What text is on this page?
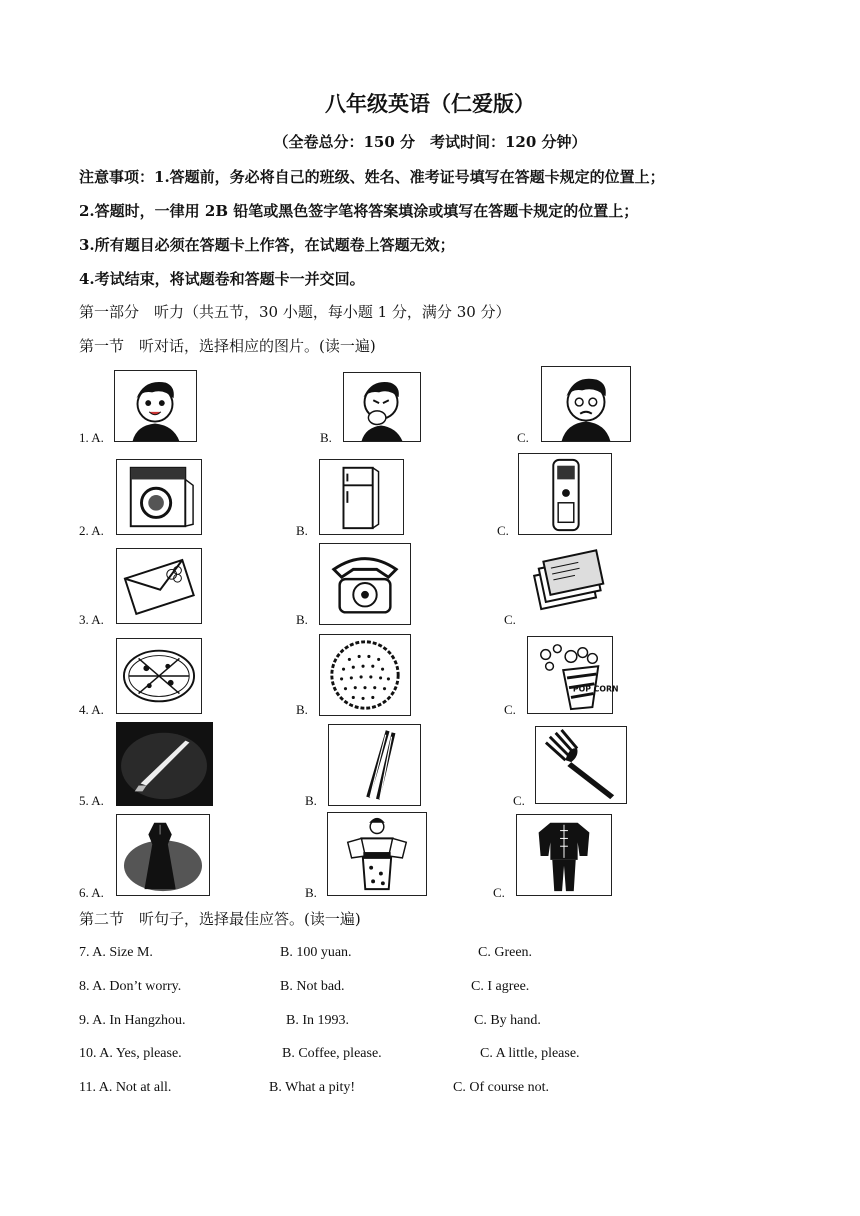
八年级英语（仁爱版）
（全卷总分：150 分　考试时间：120 分钟）
注意事项：1.答题前，务必将自己的班级、姓名、准考证号填写在答题卡规定的位置上；
2.答题时，一律用 2B 铅笔或黑色签字笔将答案填涂或填写在答题卡规定的位置上；
3.所有题目必须在答题卡上作答，在试题卷上答题无效；
4.考试结束，将试题卷和答题卡一并交回。
第一部分　听力（共五节，30 小题，每小题 1 分，满分 30 分）
第一节　听对话，选择相应的图片。(读一遍)
1. A.	B.	C.
2. A.	B.	C.
3. A.	B.	C.
4. A.	B.	C.
POP CORN
5. A.	B.	C.
6. A.	B.	C.
第二节　听句子，选择最佳应答。(读一遍)
7. A. Size M.	B. 100 yuan.	C. Green.
8. A. Don’t worry.	B. Not bad.	C. I agree.
9. A. In Hangzhou.	B. In 1993.	C. By hand.
10. A. Yes, please.	B. Coffee, please.	C. A little, please.
11. A. Not at all.	B. What a pity!	C. Of course not.
